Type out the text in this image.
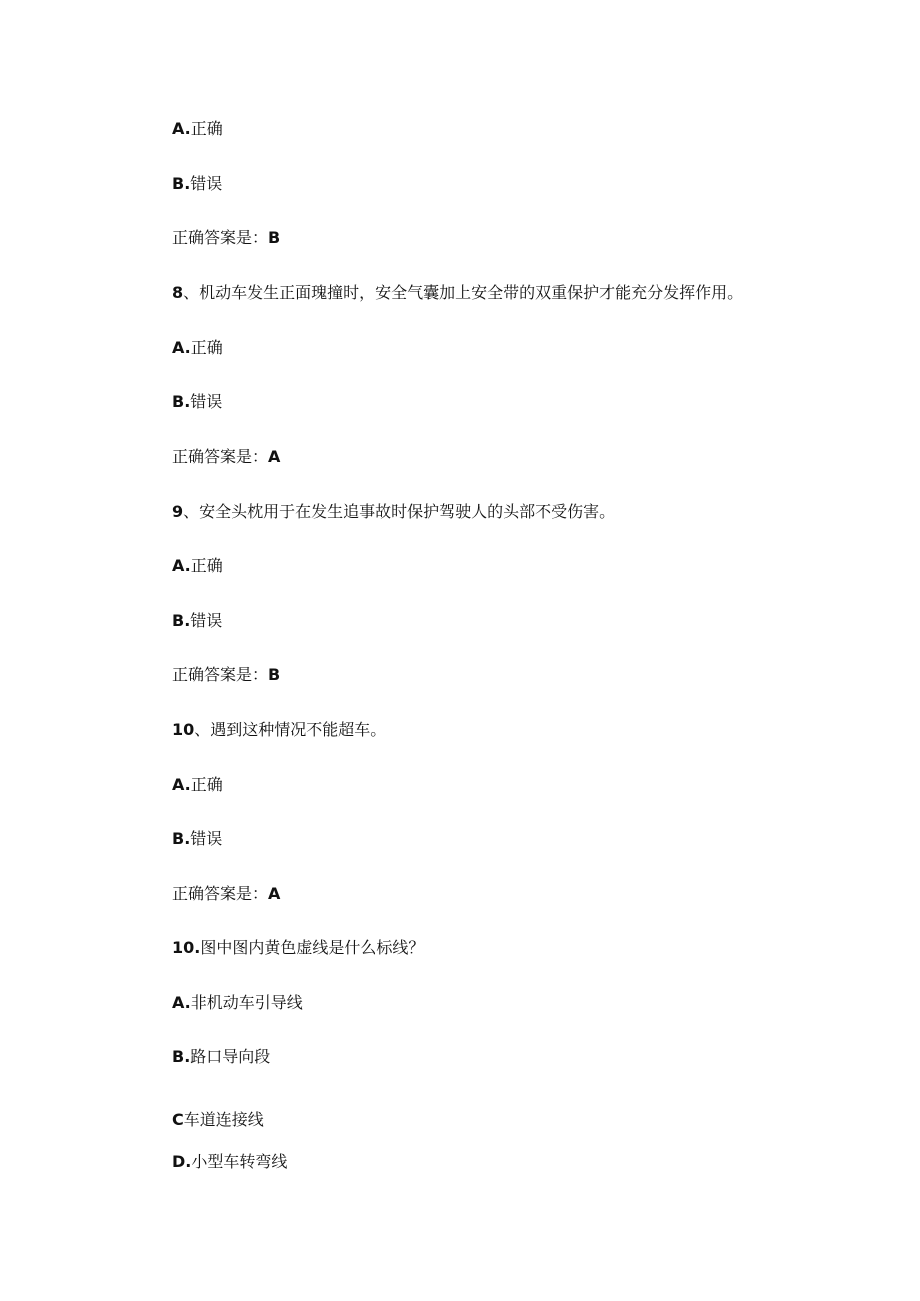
A.正确
B.错误
正确答案是：B
8、机动车发生正面瑰撞时，安全气囊加上安全带的双重保护才能充分发挥作用。
A.正确
B.错误
正确答案是：A
9、安全头枕用于在发生追事故时保护驾驶人的头部不受伤害。
A.正确
B.错误
正确答案是：B
10、遇到这种情况不能超车。
A.正确
B.错误
正确答案是：A
10.图中图内黄色虚线是什么标线？
A.非机动车引导线
B.路口导向段
C车道连接线
D.小型车转弯线
